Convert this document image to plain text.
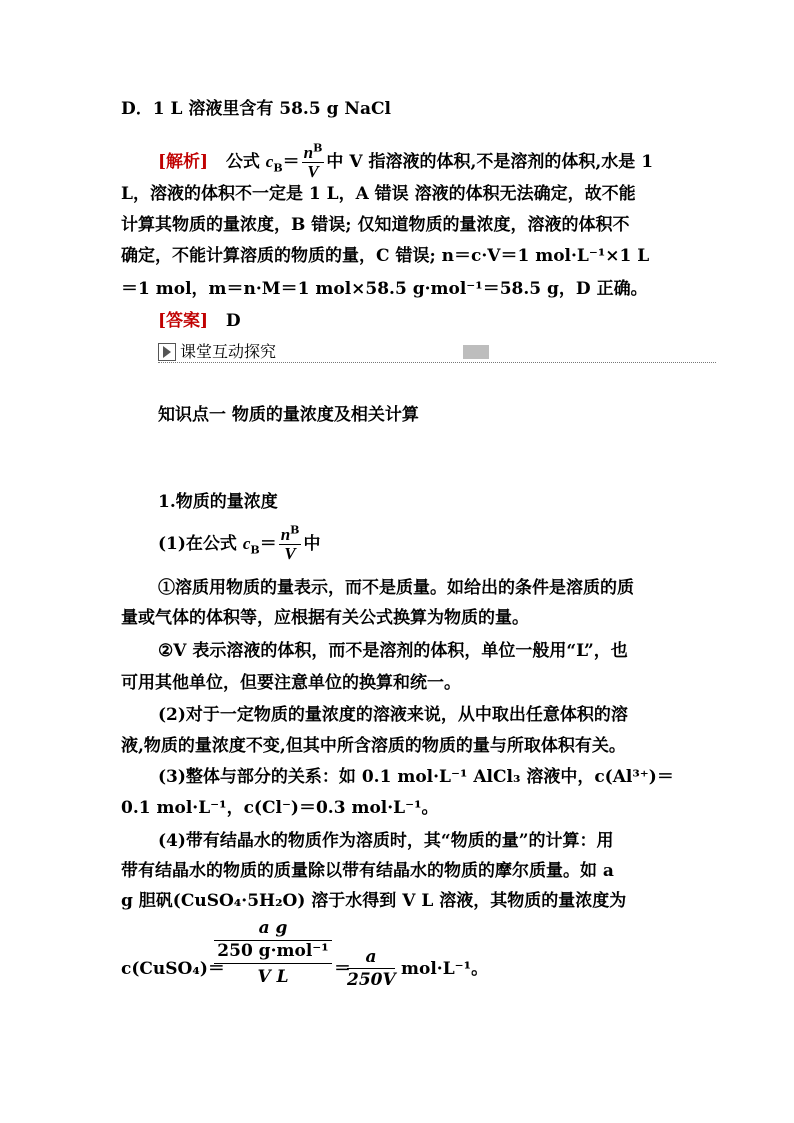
D．1 L 溶液里含有 58.5 g NaCl
[解析] 公式 $c_B= \frac{n^B}{V}$ 中 V 指溶液的体积,不是溶剂的体积,水是 1
L，溶液的体积不一定是 1 L，A 错误 溶液的体积无法确定，故不能
计算其物质的量浓度，B 错误; 仅知道物质的量浓度，溶液的体积不
确定，不能计算溶质的物质的量，C 错误; n＝c·V＝1 mol·L⁻¹×1 L
＝1 mol，m＝n·M＝1 mol×58.5 g·mol⁻¹＝58.5 g，D 正确。
[答案] D
课堂互动探究
知识点一 物质的量浓度及相关计算
1.物质的量浓度
(1)在公式 $c_B= \frac{n^B}{V}$ 中
①溶质用物质的量表示，而不是质量。如给出的条件是溶质的质
量或气体的体积等，应根据有关公式换算为物质的量。
②V 表示溶液的体积，而不是溶剂的体积，单位一般用“L”，也
可用其他单位，但要注意单位的换算和统一。
(2)对于一定物质的量浓度的溶液来说，从中取出任意体积的溶
液,物质的量浓度不变,但其中所含溶质的物质的量与所取体积有关。
(3)整体与部分的关系：如 0.1 mol·L⁻¹ AlCl₃ 溶液中，c(Al³⁺)＝
0.1 mol·L⁻¹，c(Cl⁻)＝0.3 mol·L⁻¹。
(4)带有结晶水的物质作为溶质时，其“物质的量”的计算：用
带有结晶水的物质的质量除以带有结晶水的物质的摩尔质量。如 a
g 胆矾(CuSO₄·5H₂O) 溶于水得到 V L 溶液，其物质的量浓度为
c(CuSO₄)＝
a g
250 g·mol⁻¹
V L	＝
$\frac{a}{250V} mol\cdot L^{-1}$。
